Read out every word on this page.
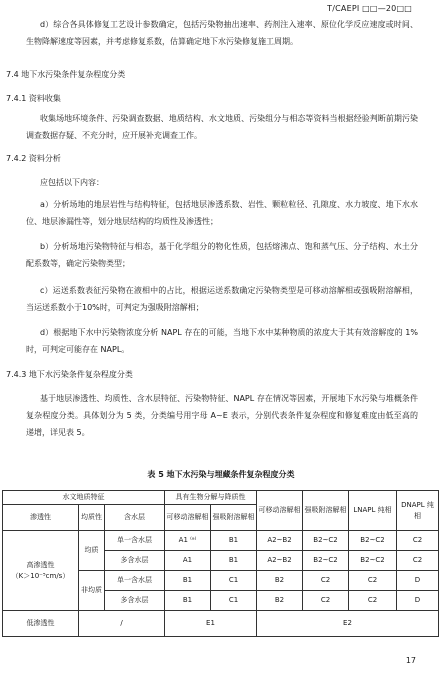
T/CAEPI □□—20□□
d）综合各具体修复工艺设计参数确定，包括污染物抽出速率、药剂注入速率、原位化学反应速度或时间、生物降解速度等因素，并考虑修复系数，估算确定地下水污染修复施工周期。
7.4 地下水污染条件复杂程度分类
7.4.1 资料收集
收集场地环境条件、污染调查数据、地质结构、水文地质、污染组分与相态等资料当根据经验判断前期污染调查数据存疑、不充分时，应开展补充调查工作。
7.4.2 资料分析
应包括以下内容：
a）分析场地的地层岩性与结构特征，包括地层渗透系数、岩性、颗粒粒径、孔隙度、水力坡度、地下水水位、地层渗漏性等，划分地层结构的均质性及渗透性；
b）分析场地污染物特征与相态，基于化学组分的物化性质，包括熔沸点、饱和蒸气压、分子结构、水土分配系数等，确定污染物类型；
c）运送系数表征污染物在液相中的占比，根据运送系数确定污染物类型是可移动溶解相或强吸附溶解相，当运送系数小于10%时，可判定为强吸附溶解相；
d）根据地下水中污染物浓度分析 NAPL 存在的可能，当地下水中某种物质的浓度大于其有效溶解度的 1%时，可判定可能存在 NAPL。
7.4.3 地下水污染条件复杂程度分类
基于地层渗透性、均质性、含水层特征、污染物特征、NAPL 存在情况等因素，开展地下水污染与堆概条件复杂程度分类。具体划分为 5 类，分类编号用字母 A~E 表示，分别代表条件复杂程度和修复难度由低至高的递增，详见表 5。
表 5 地下水污染与埋藏条件复杂程度分类
水文地质特征			具有生物分解与降质性		可移动溶解相	强吸附溶解相	LNAPL 纯相	DNAPL 纯相
渗透性	均质性	含水层	可移动溶解相	强吸附溶解相				

高渗透性
（K＞10⁻⁵cm/s）	均质	单一含水层	A1 ⁽ᵃ⁾	B1	A2~B2	B2~C2	B2~C2	C2
		多含水层	A1	B1	A2~B2	B2~C2	B2~C2	C2
	非均质	单一含水层	B1	C1	B2	C2	C2	D
		多含水层	B1	C1	B2	C2	C2	D
低渗透性	/		E1		E2			
17
